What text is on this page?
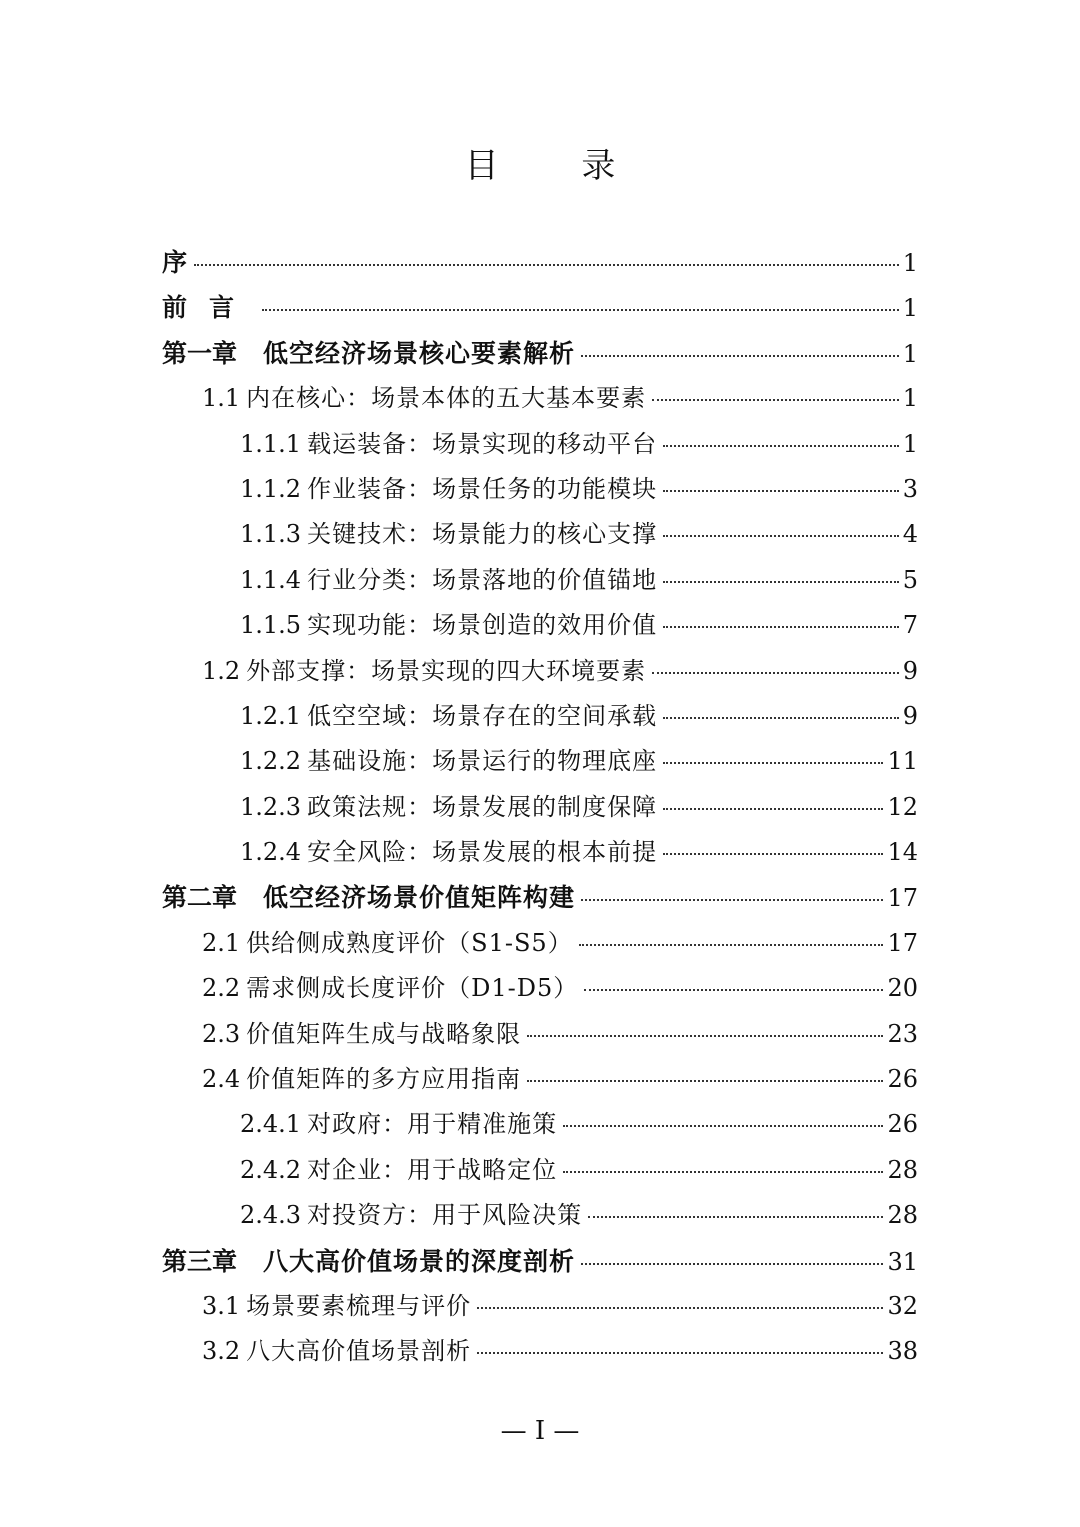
目 录
序	1
前言	1
第一章 低空经济场景核心要素解析	1
1.1 内在核心：场景本体的五大基本要素	1
1.1.1 载运装备：场景实现的移动平台	1
1.1.2 作业装备：场景任务的功能模块	3
1.1.3 关键技术：场景能力的核心支撑	4
1.1.4 行业分类：场景落地的价值锚地	5
1.1.5 实现功能：场景创造的效用价值	7
1.2 外部支撑：场景实现的四大环境要素	9
1.2.1 低空空域：场景存在的空间承载	9
1.2.2 基础设施：场景运行的物理底座	11
1.2.3 政策法规：场景发展的制度保障	12
1.2.4 安全风险：场景发展的根本前提	14
第二章 低空经济场景价值矩阵构建	17
2.1 供给侧成熟度评价（S1-S5）	17
2.2 需求侧成长度评价（D1-D5）	20
2.3 价值矩阵生成与战略象限	23
2.4 价值矩阵的多方应用指南	26
2.4.1 对政府：用于精准施策	26
2.4.2 对企业：用于战略定位	28
2.4.3 对投资方：用于风险决策	28
第三章 八大高价值场景的深度剖析	31
3.1 场景要素梳理与评价	32
3.2 八大高价值场景剖析	38

— I —
